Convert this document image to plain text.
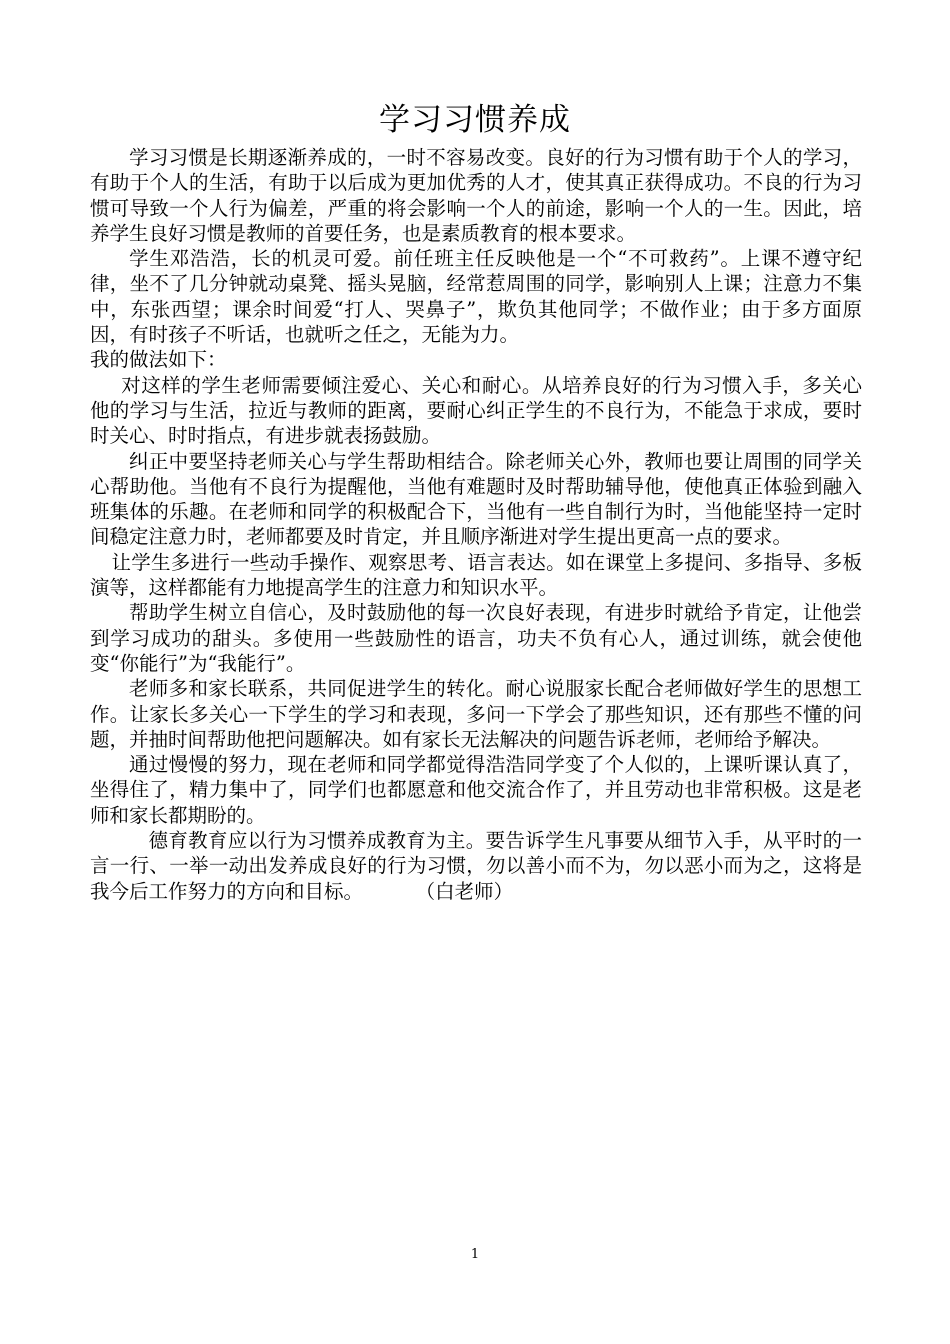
学习习惯养成

学习习惯是长期逐渐养成的，一时不容易改变。良好的行为习惯有助于个人的学习，有助于个人的生活，有助于以后成为更加优秀的人才，使其真正获得成功。不良的行为习惯可导致一个人行为偏差，严重的将会影响一个人的前途，影响一个人的一生。因此，培养学生良好习惯是教师的首要任务，也是素质教育的根本要求。

学生邓浩浩，长的机灵可爱。前任班主任反映他是一个“不可救药”。上课不遵守纪律，坐不了几分钟就动桌凳、摇头晃脑，经常惹周围的同学，影响别人上课；注意力不集中，东张西望；课余时间爱“打人、哭鼻子”，欺负其他同学；不做作业；由于多方面原因，有时孩子不听话，也就听之任之，无能为力。

我的做法如下：

对这样的学生老师需要倾注爱心、关心和耐心。从培养良好的行为习惯入手，多关心他的学习与生活，拉近与教师的距离，要耐心纠正学生的不良行为，不能急于求成，要时时关心、时时指点，有进步就表扬鼓励。

纠正中要坚持老师关心与学生帮助相结合。除老师关心外，教师也要让周围的同学关心帮助他。当他有不良行为提醒他，当他有难题时及时帮助辅导他，使他真正体验到融入班集体的乐趣。在老师和同学的积极配合下，当他有一些自制行为时，当他能坚持一定时间稳定注意力时，老师都要及时肯定，并且顺序渐进对学生提出更高一点的要求。

让学生多进行一些动手操作、观察思考、语言表达。如在课堂上多提问、多指导、多板演等，这样都能有力地提高学生的注意力和知识水平。

帮助学生树立自信心，及时鼓励他的每一次良好表现，有进步时就给予肯定，让他尝到学习成功的甜头。多使用一些鼓励性的语言，功夫不负有心人，通过训练，就会使他变“你能行”为“我能行”。

老师多和家长联系，共同促进学生的转化。耐心说服家长配合老师做好学生的思想工作。让家长多关心一下学生的学习和表现，多问一下学会了那些知识，还有那些不懂的问题，并抽时间帮助他把问题解决。如有家长无法解决的问题告诉老师，老师给予解决。

通过慢慢的努力，现在老师和同学都觉得浩浩同学变了个人似的，上课听课认真了，坐得住了，精力集中了，同学们也都愿意和他交流合作了，并且劳动也非常积极。这是老师和家长都期盼的。

德育教育应以行为习惯养成教育为主。要告诉学生凡事要从细节入手，从平时的一言一行、一举一动出发养成良好的行为习惯，勿以善小而不为，勿以恶小而为之，这将是我今后工作努力的方向和目标。	（白老师）

1
